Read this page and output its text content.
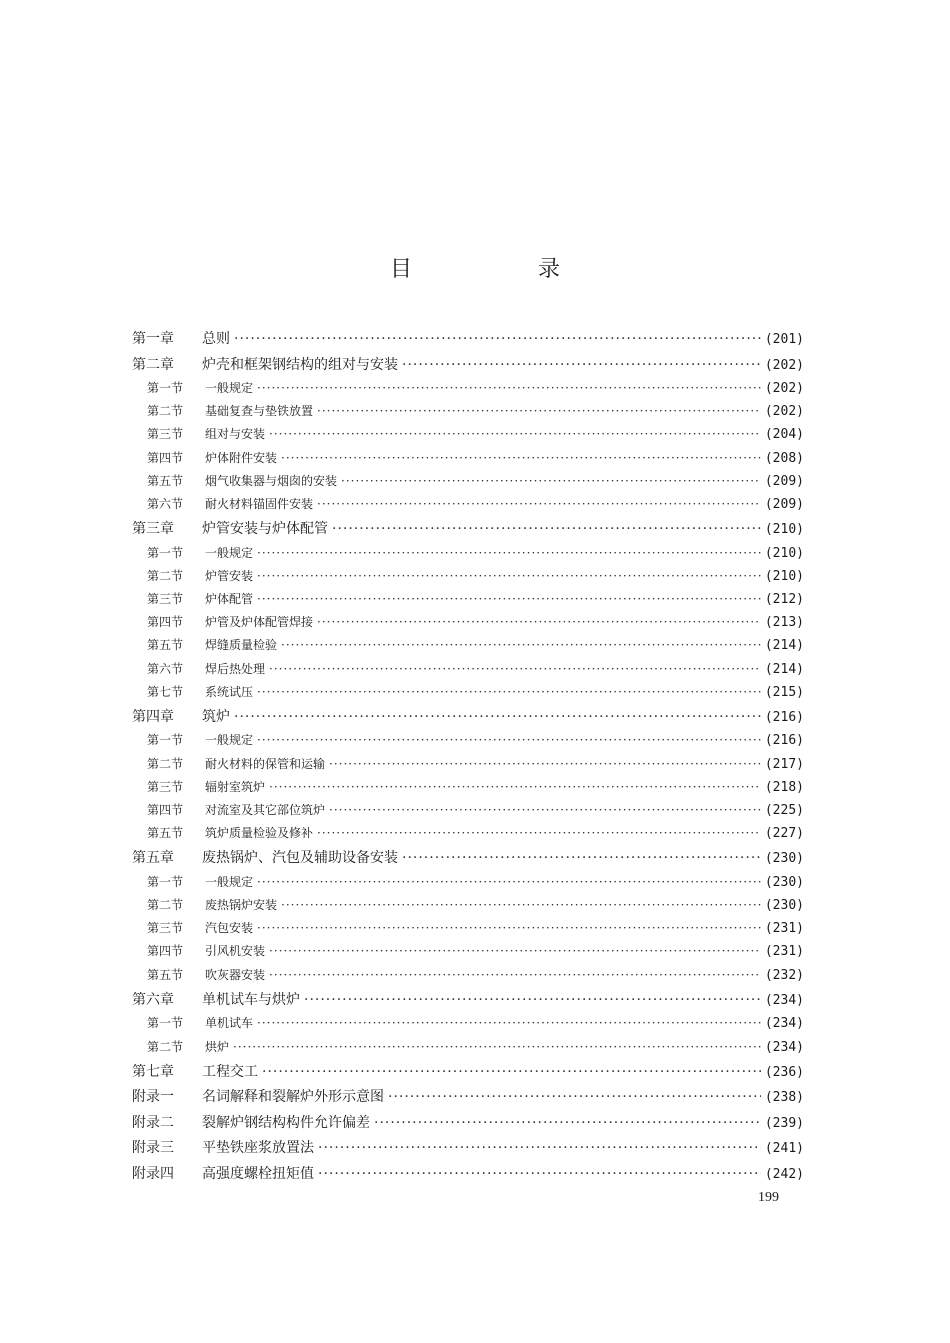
目　录
第一章	总则 ·····	(201)
第二章	炉壳和框架钢结构的组对与安装 ·····	(202)
第一节	一般规定 ·····	(202)
第二节	基础复查与垫铁放置 ·····	(202)
第三节	组对与安装 ·····	(204)
第四节	炉体附件安装 ·····	(208)
第五节	烟气收集器与烟囱的安装 ·····	(209)
第六节	耐火材料锚固件安装 ·····	(209)
第三章	炉管安装与炉体配管 ·····	(210)
第一节	一般规定 ·····	(210)
第二节	炉管安装 ·····	(210)
第三节	炉体配管 ·····	(212)
第四节	炉管及炉体配管焊接 ·····	(213)
第五节	焊缝质量检验 ·····	(214)
第六节	焊后热处理 ·····	(214)
第七节	系统试压 ·····	(215)
第四章	筑炉 ·····	(216)
第一节	一般规定 ·····	(216)
第二节	耐火材料的保管和运输 ·····	(217)
第三节	辐射室筑炉 ·····	(218)
第四节	对流室及其它部位筑炉 ·····	(225)
第五节	筑炉质量检验及修补 ·····	(227)
第五章	废热锅炉、汽包及辅助设备安装 ·····	(230)
第一节	一般规定 ·····	(230)
第二节	废热锅炉安装 ·····	(230)
第三节	汽包安装 ·····	(231)
第四节	引风机安装 ·····	(231)
第五节	吹灰器安装 ·····	(232)
第六章	单机试车与烘炉 ·····	(234)
第一节	单机试车 ·····	(234)
第二节	烘炉 ·····	(234)
第七章	工程交工 ·····	(236)
附录一	名词解释和裂解炉外形示意图 ·····	(238)
附录二	裂解炉钢结构构件允许偏差 ·····	(239)
附录三	平垫铁座浆放置法 ·····	(241)
附录四	高强度螺栓扭矩值 ·····	(242)
199
